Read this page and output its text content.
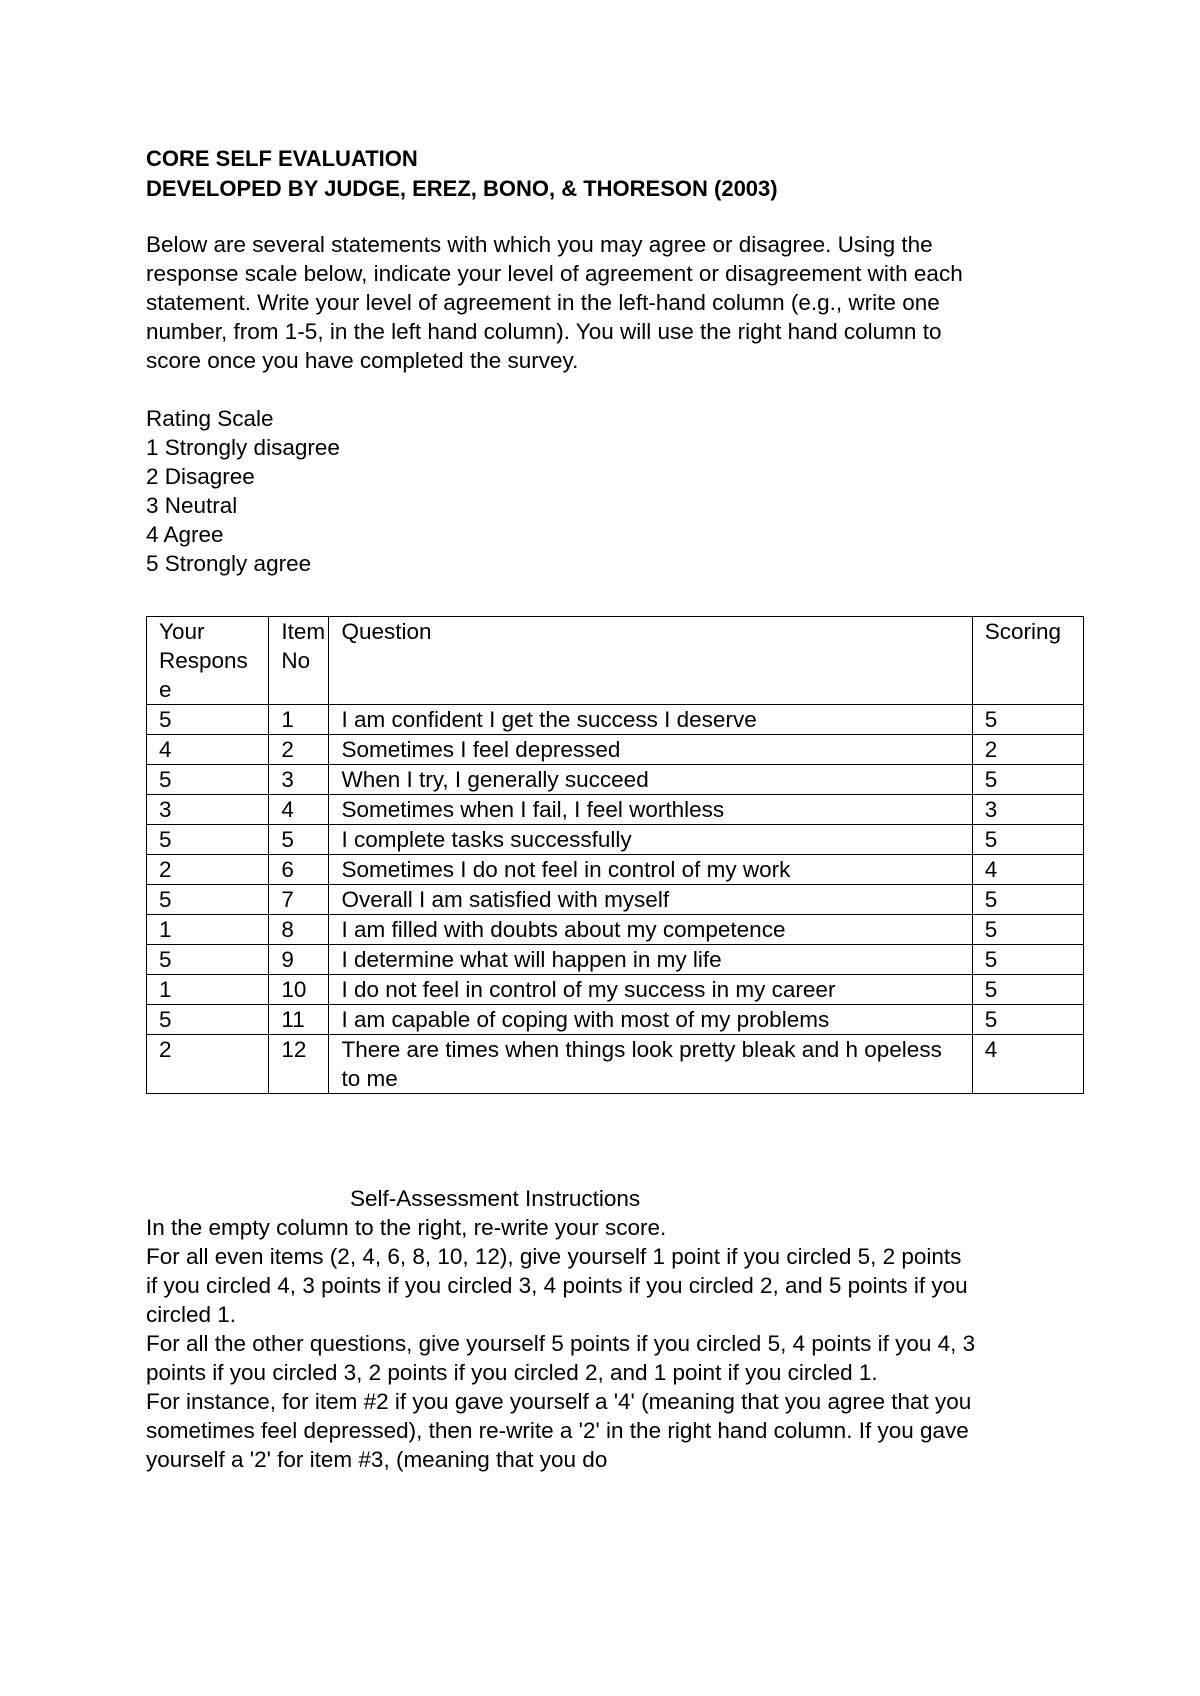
CORE SELF EVALUATION
DEVELOPED BY JUDGE, EREZ, BONO, & THORESON (2003)
Below are several statements with which you may agree or disagree. Using the response scale below, indicate your level of agreement or disagreement with each statement. Write your level of agreement in the left-hand column (e.g., write one number, from 1-5, in the left hand column). You will use the right hand column to score once you have completed the survey.
Rating Scale
1 Strongly disagree
2 Disagree
3 Neutral
4 Agree
5 Strongly agree
Your Respons e	Item No	Question	Scoring
5	1	I am confident I get the success I deserve	5
4	2	Sometimes I feel depressed	2
5	3	When I try, I generally succeed	5
3	4	Sometimes when I fail, I feel worthless	3
5	5	I complete tasks successfully	5
2	6	Sometimes I do not feel in control of my work	4
5	7	Overall I am satisfied with myself	5
1	8	I am filled with doubts about my competence	5
5	9	I determine what will happen in my life	5
1	10	I do not feel in control of my success in my career	5
5	11	I am capable of coping with most of my problems	5
2	12	There are times when things look pretty bleak and h opeless to me	4
Self-Assessment Instructions
In the empty column to the right, re-write your score.
For all even items (2, 4, 6, 8, 10, 12), give yourself 1 point if you circled 5, 2 points if you circled 4, 3 points if you circled 3, 4 points if you circled 2, and 5 points if you circled 1.
For all the other questions, give yourself 5 points if you circled 5, 4 points if you 4, 3 points if you circled 3, 2 points if you circled 2, and 1 point if you circled 1.
For instance, for item #2 if you gave yourself a '4' (meaning that you agree that you sometimes feel depressed), then re-write a '2' in the right hand column. If you gave yourself a '2' for item #3, (meaning that you do
